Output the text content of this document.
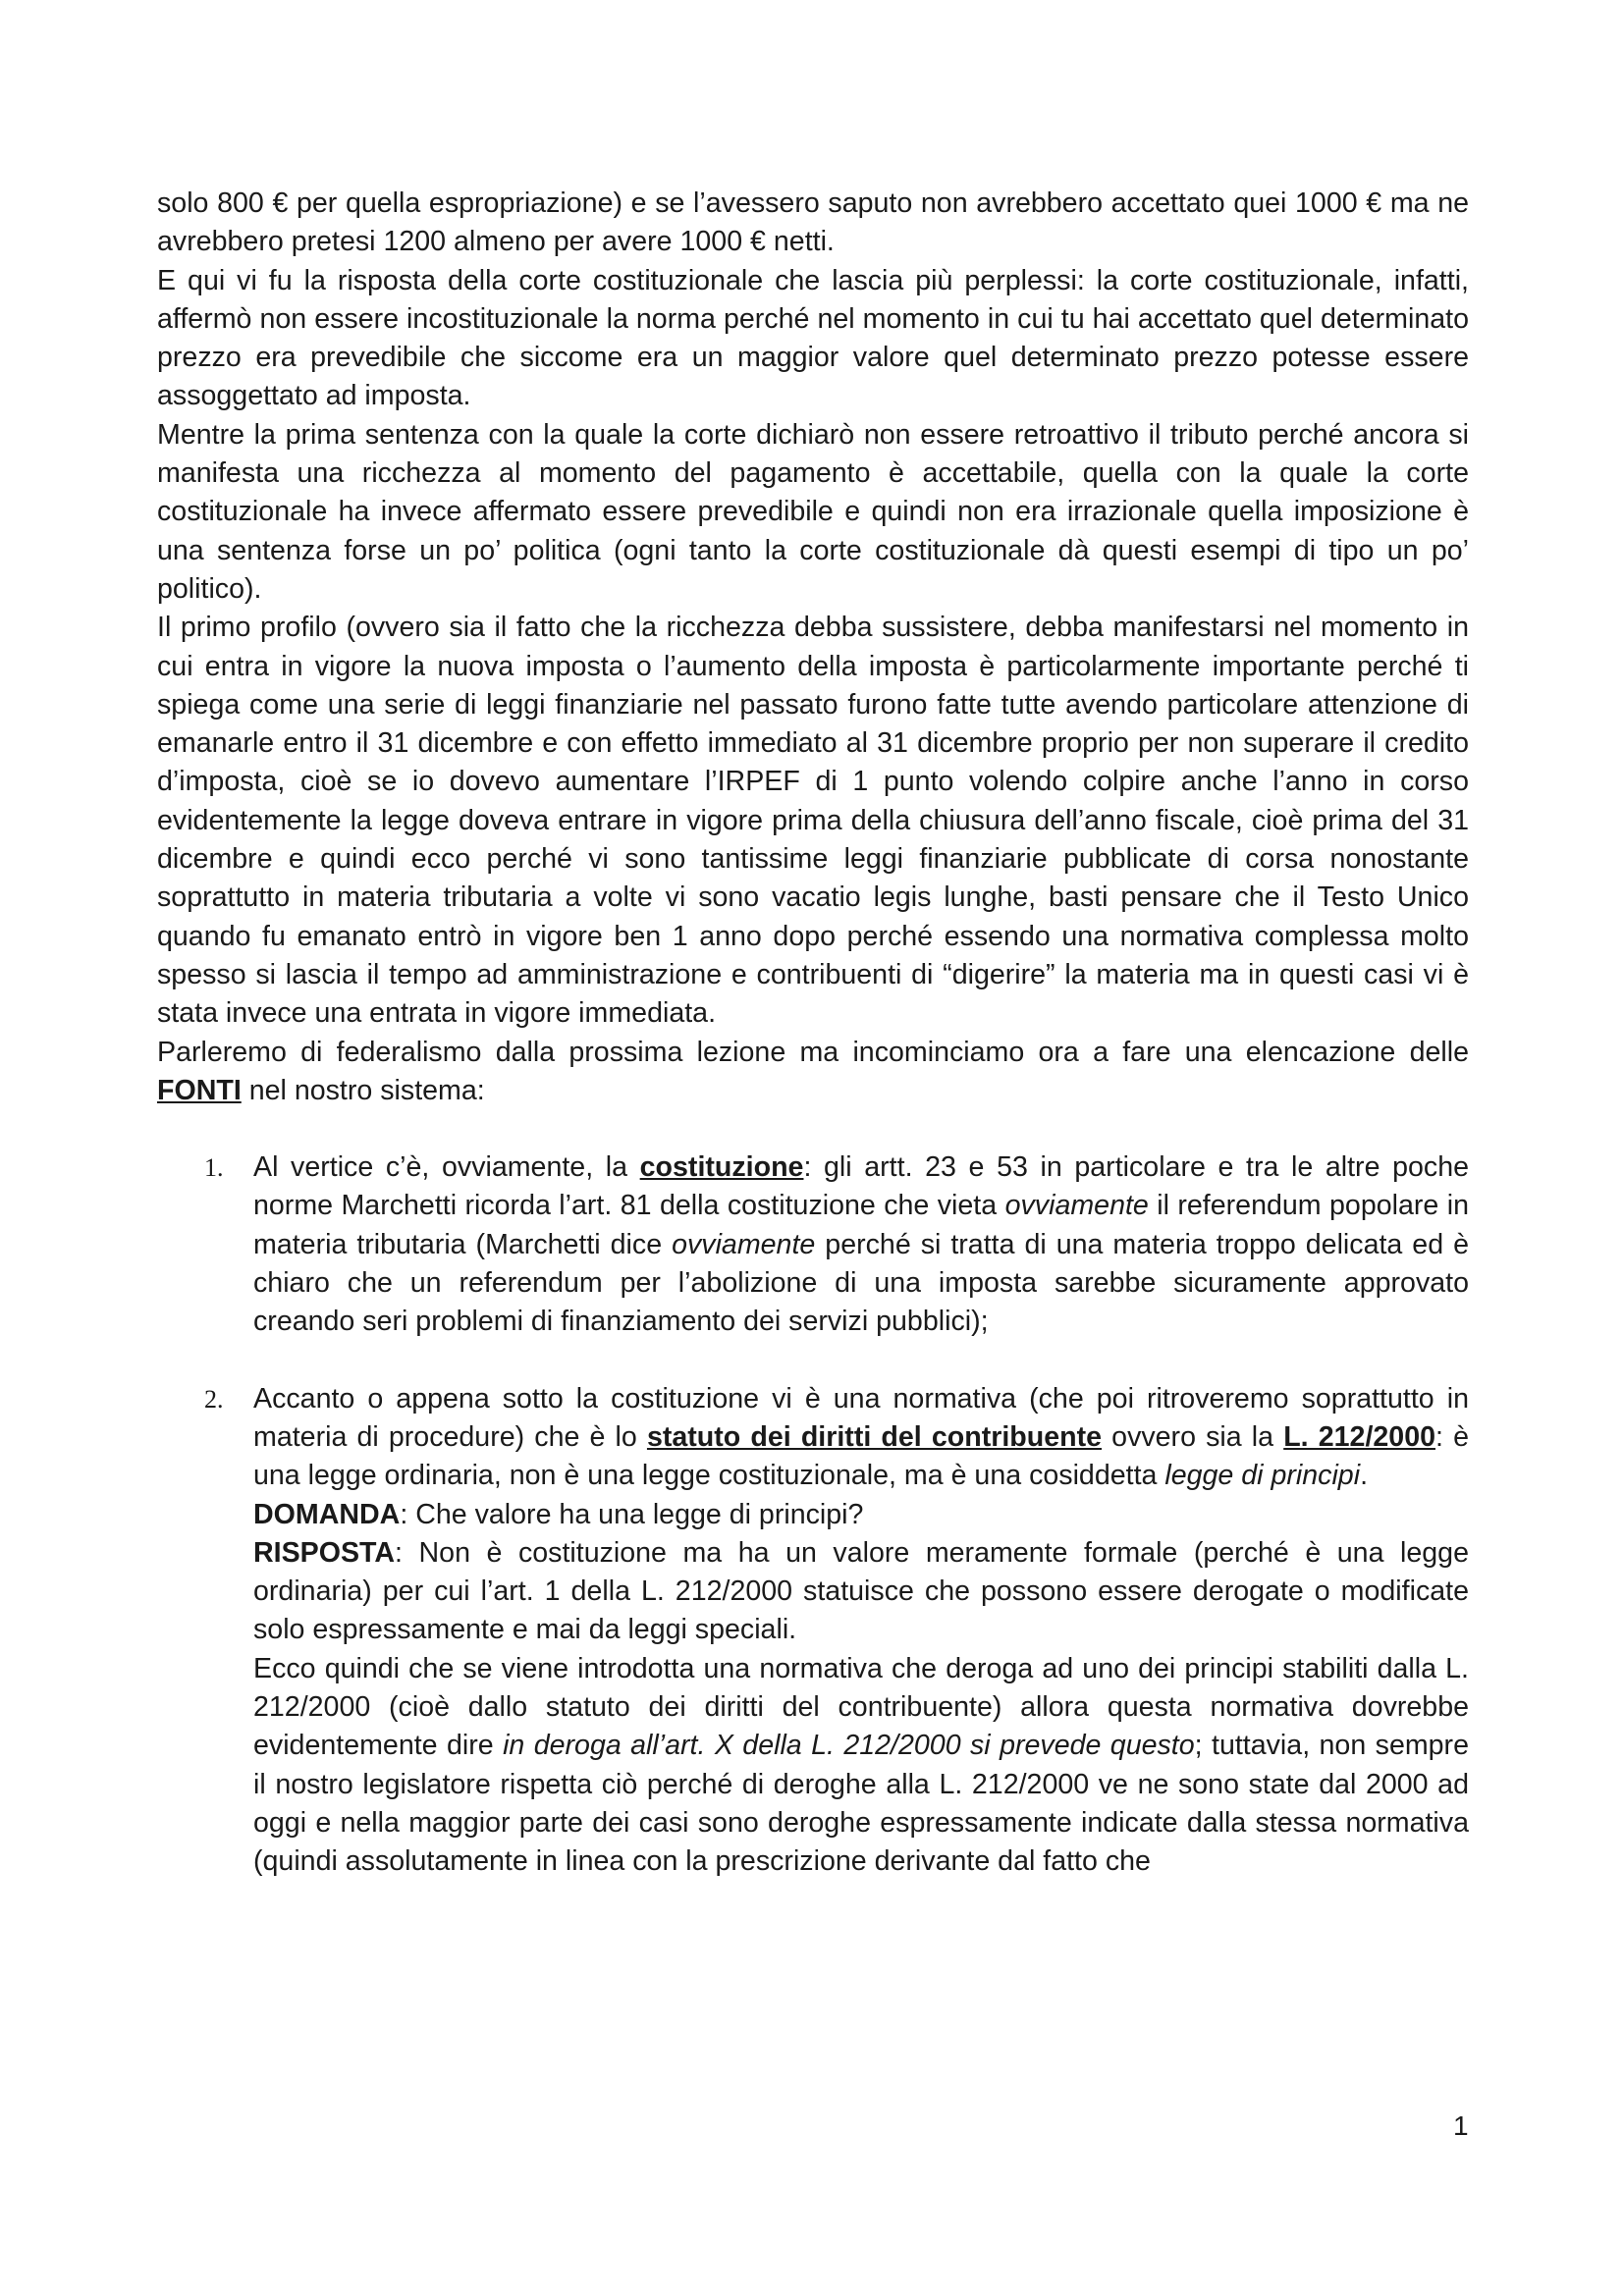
solo 800 € per quella espropriazione) e se l’avessero saputo non avrebbero accettato quei 1000 € ma ne avrebbero pretesi 1200 almeno per avere 1000 € netti.

E qui vi fu la risposta della corte costituzionale che lascia più perplessi: la corte costituzionale, infatti, affermò non essere incostituzionale la norma perché nel momento in cui tu hai accettato quel determinato prezzo era prevedibile che siccome era un maggior valore quel determinato prezzo potesse essere assoggettato ad imposta.

Mentre la prima sentenza con la quale la corte dichiarò non essere retroattivo il tributo perché ancora si manifesta una ricchezza al momento del pagamento è accettabile, quella con la quale la corte costituzionale ha invece affermato essere prevedibile e quindi non era irrazionale quella imposizione è una sentenza forse un po’ politica (ogni tanto la corte costituzionale dà questi esempi di tipo un po’ politico).

Il primo profilo (ovvero sia il fatto che la ricchezza debba sussistere, debba manifestarsi nel momento in cui entra in vigore la nuova imposta o l’aumento della imposta è particolarmente importante perché ti spiega come una serie di leggi finanziarie nel passato furono fatte tutte avendo particolare attenzione di emanarle entro il 31 dicembre e con effetto immediato al 31 dicembre proprio per non superare il credito d’imposta, cioè se io dovevo aumentare l’IRPEF di 1 punto volendo colpire anche l’anno in corso evidentemente la legge doveva entrare in vigore prima della chiusura dell’anno fiscale, cioè prima del 31 dicembre e quindi ecco perché vi sono tantissime leggi finanziarie pubblicate di corsa nonostante soprattutto in materia tributaria a volte vi sono vacatio legis lunghe, basti pensare che il Testo Unico quando fu emanato entrò in vigore ben 1 anno dopo perché essendo una normativa complessa molto spesso si lascia il tempo ad amministrazione e contribuenti di “digerire” la materia ma in questi casi vi è stata invece una entrata in vigore immediata.

Parleremo di federalismo dalla prossima lezione ma incominciamo ora a fare una elencazione delle FONTI nel nostro sistema:

1. Al vertice c’è, ovviamente, la costituzione: gli artt. 23 e 53 in particolare e tra le altre poche norme Marchetti ricorda l’art. 81 della costituzione che vieta ovviamente il referendum popolare in materia tributaria (Marchetti dice ovviamente perché si tratta di una materia troppo delicata ed è chiaro che un referendum per l’abolizione di una imposta sarebbe sicuramente approvato creando seri problemi di finanziamento dei servizi pubblici);

2. Accanto o appena sotto la costituzione vi è una normativa (che poi ritroveremo soprattutto in materia di procedure) che è lo statuto dei diritti del contribuente ovvero sia la L. 212/2000: è una legge ordinaria, non è una legge costituzionale, ma è una cosiddetta legge di principi.

DOMANDA: Che valore ha una legge di principi?

RISPOSTA: Non è costituzione ma ha un valore meramente formale (perché è una legge ordinaria) per cui l’art. 1 della L. 212/2000 statuisce che possono essere derogate o modificate solo espressamente e mai da leggi speciali.

Ecco quindi che se viene introdotta una normativa che deroga ad uno dei principi stabiliti dalla L. 212/2000 (cioè dallo statuto dei diritti del contribuente) allora questa normativa dovrebbe evidentemente dire in deroga all’art. X della L. 212/2000 si prevede questo; tuttavia, non sempre il nostro legislatore rispetta ciò perché di deroghe alla L. 212/2000 ve ne sono state dal 2000 ad oggi e nella maggior parte dei casi sono deroghe espressamente indicate dalla stessa normativa (quindi assolutamente in linea con la prescrizione derivante dal fatto che

1
